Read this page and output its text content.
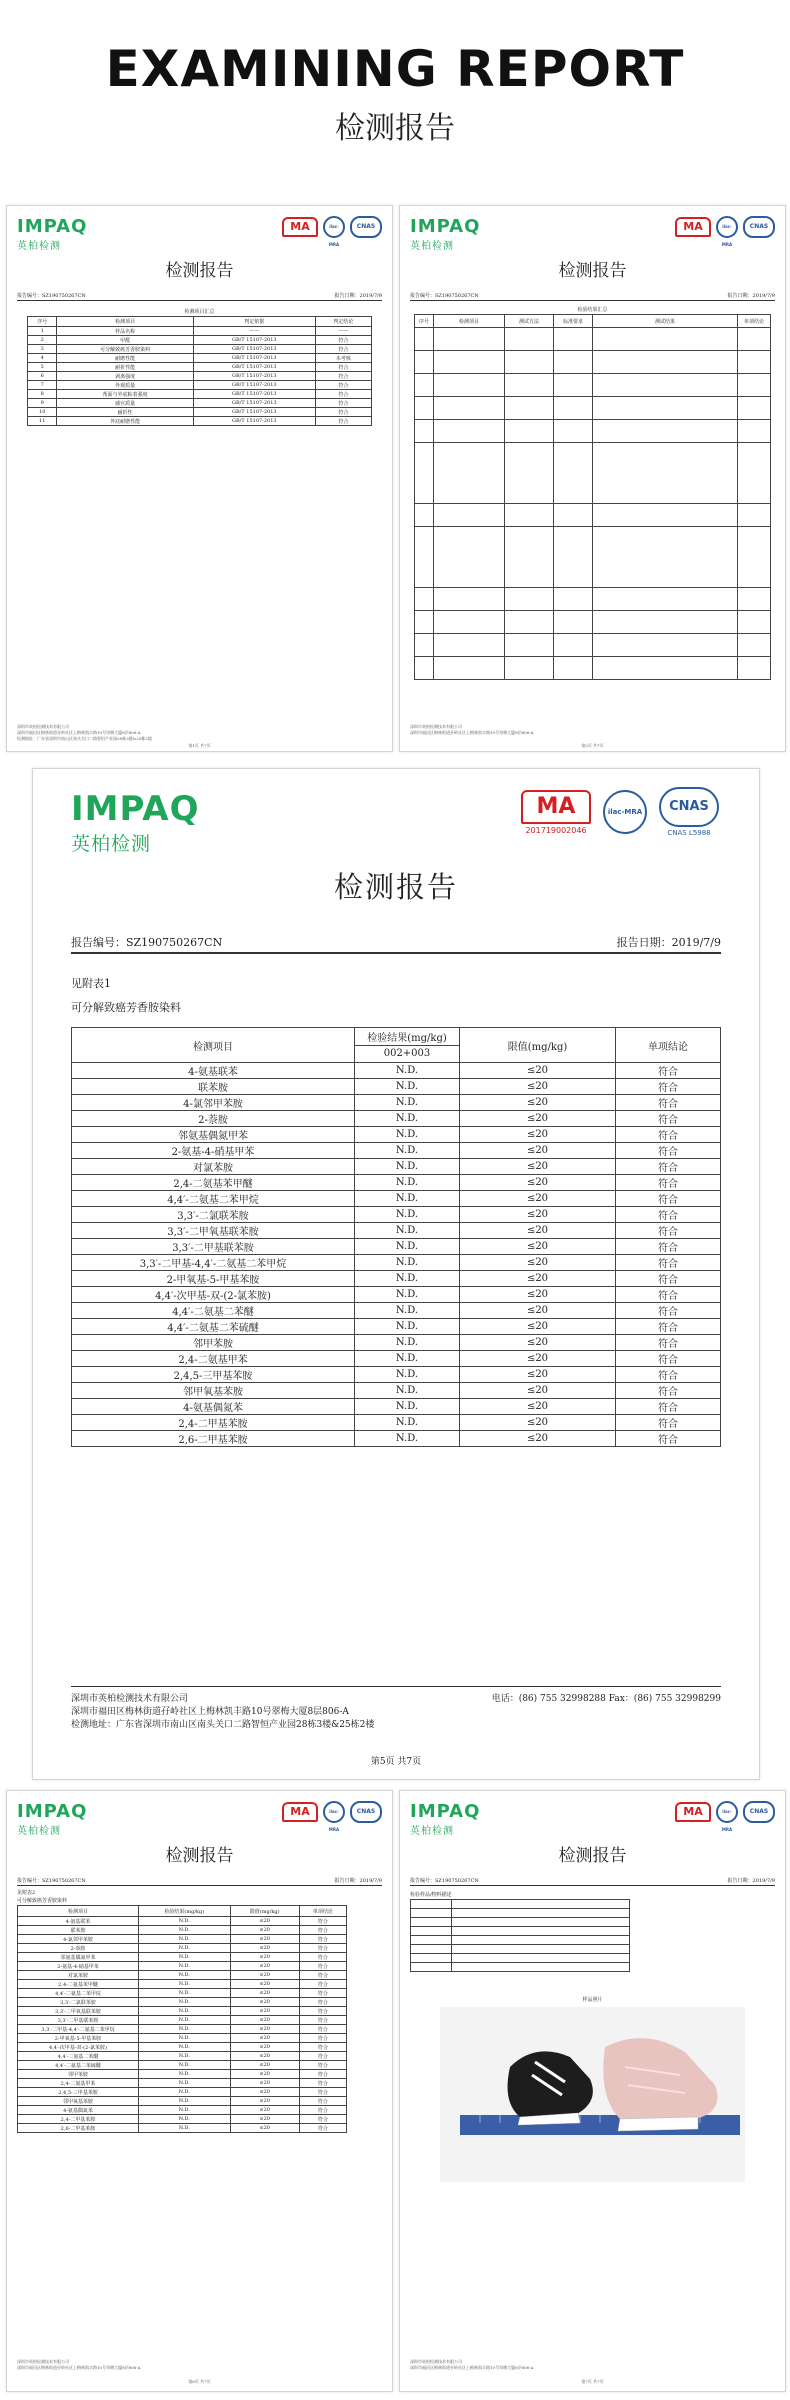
EXAMINING REPORT
检测报告
IMPAQ
英柏检测
MA	ilac-MRA
CNAS
检测报告
报告编号：SZ190750267CN	报告日期：2019/7/9
检测项目汇总
序号	检测项目	判定依据	判定结论
1	样品名称	——	——
2	甲醛	GB/T 15107-2013	符合
3	可分解致癌芳香胺染料	GB/T 15107-2013	符合
4	耐磨性能	GB/T 15107-2013	未考核
5	耐折性能	GB/T 15107-2013	符合
6	剥离强度	GB/T 15107-2013	符合
7	外观质量	GB/T 15107-2013	符合
8	帮面与外底粘着强度	GB/T 15107-2013	符合
9	感官质量	GB/T 15107-2013	符合
10	耐折性	GB/T 15107-2013	符合
11	外底耐磨性能	GB/T 15107-2013	符合
深圳市英柏检测技术有限公司
深圳市福田区梅林街道孖岭社区上梅林凯丰路10号翠梅大厦8层806-A
检测地址：广东省深圳市南山区南头关口二路智恒产业园28栋3楼&25栋2楼
第1页 共7页
IMPAQ
英柏检测
MA	ilac-MRA
CNAS
检测报告
报告编号：SZ190750267CN	报告日期：2019/7/9
检验结果汇总
序号	检测项目	测试方法	标准要求	测试结果	单项结论

深圳市英柏检测技术有限公司
深圳市福田区梅林街道孖岭社区上梅林凯丰路10号翠梅大厦8层806-A
第2页 共7页
IMPAQ
英柏检测
MA
201719002046
ilac-MRA	CNAS
CNAS L5988
检测报告
报告编号：SZ190750267CN	报告日期：2019/7/9
见附表1
可分解致癌芳香胺染料
检测项目	检验结果(mg/kg)	限值(mg/kg)	单项结论
	002+003		
4-氨基联苯	N.D.	≤20	符合
联苯胺	N.D.	≤20	符合
4-氯邻甲苯胺	N.D.	≤20	符合
2-萘胺	N.D.	≤20	符合
邻氨基偶氮甲苯	N.D.	≤20	符合
2-氨基-4-硝基甲苯	N.D.	≤20	符合
对氯苯胺	N.D.	≤20	符合
2,4-二氨基苯甲醚	N.D.	≤20	符合
4,4′-二氨基二苯甲烷	N.D.	≤20	符合
3,3′-二氯联苯胺	N.D.	≤20	符合
3,3′-二甲氧基联苯胺	N.D.	≤20	符合
3,3′-二甲基联苯胺	N.D.	≤20	符合
3,3′-二甲基-4,4′-二氨基二苯甲烷	N.D.	≤20	符合
2-甲氧基-5-甲基苯胺	N.D.	≤20	符合
4,4′-次甲基-双-(2-氯苯胺)	N.D.	≤20	符合
4,4′-二氨基二苯醚	N.D.	≤20	符合
4,4′-二氨基二苯硫醚	N.D.	≤20	符合
邻甲苯胺	N.D.	≤20	符合
2,4-二氨基甲苯	N.D.	≤20	符合
2,4,5-三甲基苯胺	N.D.	≤20	符合
邻甲氧基苯胺	N.D.	≤20	符合
4-氨基偶氮苯	N.D.	≤20	符合
2,4-二甲基苯胺	N.D.	≤20	符合
2,6-二甲基苯胺	N.D.	≤20	符合
深圳市英柏检测技术有限公司
深圳市福田区梅林街道孖岭社区上梅林凯丰路10号翠梅大厦8层806-A
检测地址：广东省深圳市南山区南头关口二路智恒产业园28栋3楼&25栋2楼
电话：(86) 755 32998288 Fax：(86) 755 32998299
第5页 共7页
IMPAQ
英柏检测
MA	ilac-MRA
CNAS
检测报告
报告编号：SZ190750267CN	报告日期：2019/7/9
见附表2
可分解致癌芳香胺染料
检测项目	检验结果(mg/kg)	限值(mg/kg)	单项结论
4-氨基联苯	N.D.	≤20	符合
联苯胺	N.D.	≤20	符合
4-氯邻甲苯胺	N.D.	≤20	符合
2-萘胺	N.D.	≤20	符合
邻氨基偶氮甲苯	N.D.	≤20	符合
2-氨基-4-硝基甲苯	N.D.	≤20	符合
对氯苯胺	N.D.	≤20	符合
2,4-二氨基苯甲醚	N.D.	≤20	符合
4,4′-二氨基二苯甲烷	N.D.	≤20	符合
3,3′-二氯联苯胺	N.D.	≤20	符合
3,3′-二甲氧基联苯胺	N.D.	≤20	符合
3,3′-二甲基联苯胺	N.D.	≤20	符合
3,3′-二甲基-4,4′-二氨基二苯甲烷	N.D.	≤20	符合
2-甲氧基-5-甲基苯胺	N.D.	≤20	符合
4,4′-次甲基-双-(2-氯苯胺)	N.D.	≤20	符合
4,4′-二氨基二苯醚	N.D.	≤20	符合
4,4′-二氨基二苯硫醚	N.D.	≤20	符合
邻甲苯胺	N.D.	≤20	符合
2,4-二氨基甲苯	N.D.	≤20	符合
2,4,5-三甲基苯胺	N.D.	≤20	符合
邻甲氧基苯胺	N.D.	≤20	符合
4-氨基偶氮苯	N.D.	≤20	符合
2,4-二甲基苯胺	N.D.	≤20	符合
2,6-二甲基苯胺	N.D.	≤20	符合
深圳市英柏检测技术有限公司
深圳市福田区梅林街道孖岭社区上梅林凯丰路10号翠梅大厦8层806-A
第6页 共7页
IMPAQ
英柏检测
MA	ilac-MRA
CNAS
检测报告
报告编号：SZ190750267CN	报告日期：2019/7/9
检验样品/物料描述

样品照片
深圳市英柏检测技术有限公司
深圳市福田区梅林街道孖岭社区上梅林凯丰路10号翠梅大厦8层806-A
第7页 共7页
